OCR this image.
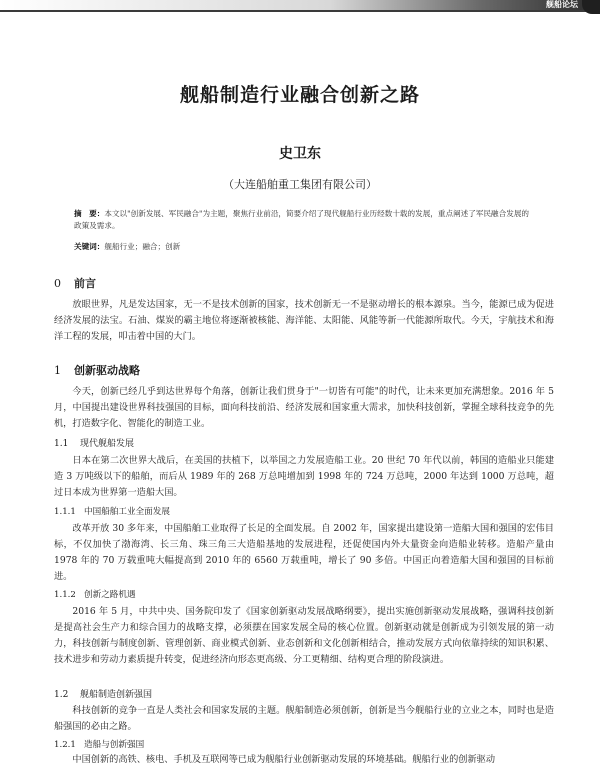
舰船论坛
舰船制造行业融合创新之路
史卫东
（大连船舶重工集团有限公司）
摘　要：本文以"创新发展、军民融合"为主题，聚焦行业前沿，简要介绍了现代舰船行业历经数十载的发展，重点阐述了军民融合发展的政策及需求。
关键词：舰船行业；融合；创新
0 前言
放眼世界，凡是发达国家，无一不是技术创新的国家，技术创新无一不是驱动增长的根本源泉。当今，能源已成为促进经济发展的法宝。石油、煤炭的霸主地位将逐渐被核能、海洋能、太阳能、风能等新一代能源所取代。今天，宇航技术和海洋工程的发展，叩击着中国的大门。
1 创新驱动战略
今天，创新已经几乎到达世界每个角落，创新让我们贯身于"一切皆有可能"的时代，让未来更加充满想象。2016 年 5 月，中国提出建设世界科技强国的目标，面向科技前沿、经济发展和国家重大需求，加快科技创新，掌握全球科技竞争的先机，打造数字化、智能化的制造工业。
1.1 现代舰船发展
日本在第二次世界大战后，在美国的扶植下，以举国之力发展造船工业。20 世纪 70 年代以前，韩国的造船业只能建造 3 万吨级以下的船舶，而后从 1989 年的 268 万总吨增加到 1998 年的 724 万总吨，2000 年达到 1000 万总吨，超过日本成为世界第一造船大国。
1.1.1 中国船舶工业全面发展
改革开放 30 多年来，中国船舶工业取得了长足的全面发展。自 2002 年，国家提出建设第一造船大国和强国的宏伟目标，不仅加快了渤海湾、长三角、珠三角三大造船基地的发展进程，还促使国内外大量资金向造船业转移。造船产量由 1978 年的 70 万载重吨大幅提高到 2010 年的 6560 万载重吨，增长了 90 多倍。中国正向着造船大国和强国的目标前进。
1.1.2 创新之路机遇
2016 年 5 月，中共中央、国务院印发了《国家创新驱动发展战略纲要》，提出实施创新驱动发展战略，强调科技创新是提高社会生产力和综合国力的战略支撑，必须摆在国家发展全局的核心位置。创新驱动就是创新成为引领发展的第一动力，科技创新与制度创新、管理创新、商业模式创新、业态创新和文化创新相结合，推动发展方式向依靠持续的知识积累、技术进步和劳动力素质提升转变，促进经济向形态更高级、分工更精细、结构更合理的阶段演进。
1.2 舰船制造创新强国
科技创新的竞争一直是人类社会和国家发展的主题。舰船制造必须创新，创新是当今舰船行业的立业之本，同时也是造船强国的必由之路。
1.2.1 造船与创新强国
中国创新的高铁、核电、手机及互联网等已成为舰船行业创新驱动发展的环境基础。舰船行业的创新驱动
